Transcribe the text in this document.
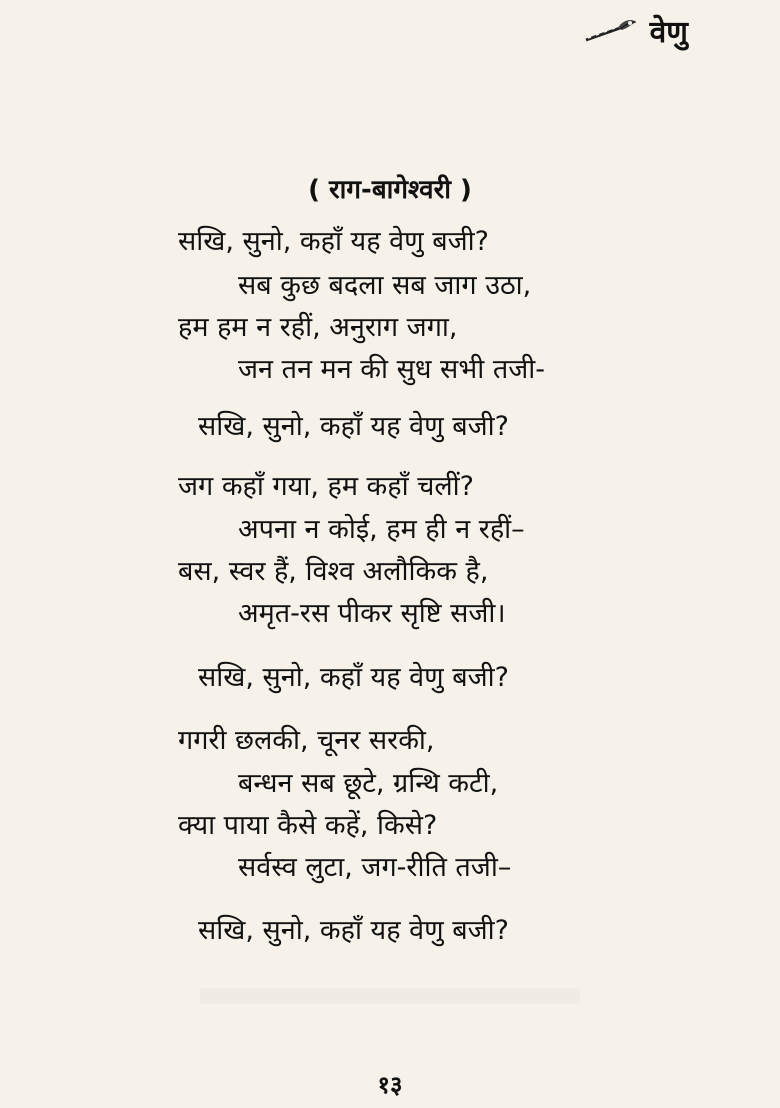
वेणु
( राग-बागेश्वरी )
सखि, सुनो, कहाँ यह वेणु बजी?
सब कुछ बदला सब जाग उठा,
हम हम न रहीं, अनुराग जगा,
जन तन मन की सुध सभी तजी-
सखि, सुनो, कहाँ यह वेणु बजी?
जग कहाँ गया, हम कहाँ चलीं?
अपना न कोई, हम ही न रहीं–
बस, स्वर हैं, विश्व अलौकिक है,
अमृत-रस पीकर सृष्टि सजी।
सखि, सुनो, कहाँ यह वेणु बजी?
गगरी छलकी, चूनर सरकी,
बन्धन सब छूटे, ग्रन्थि कटी,
क्या पाया कैसे कहें, किसे?
सर्वस्व लुटा, जग-रीति तजी–
सखि, सुनो, कहाँ यह वेणु बजी?
१३
